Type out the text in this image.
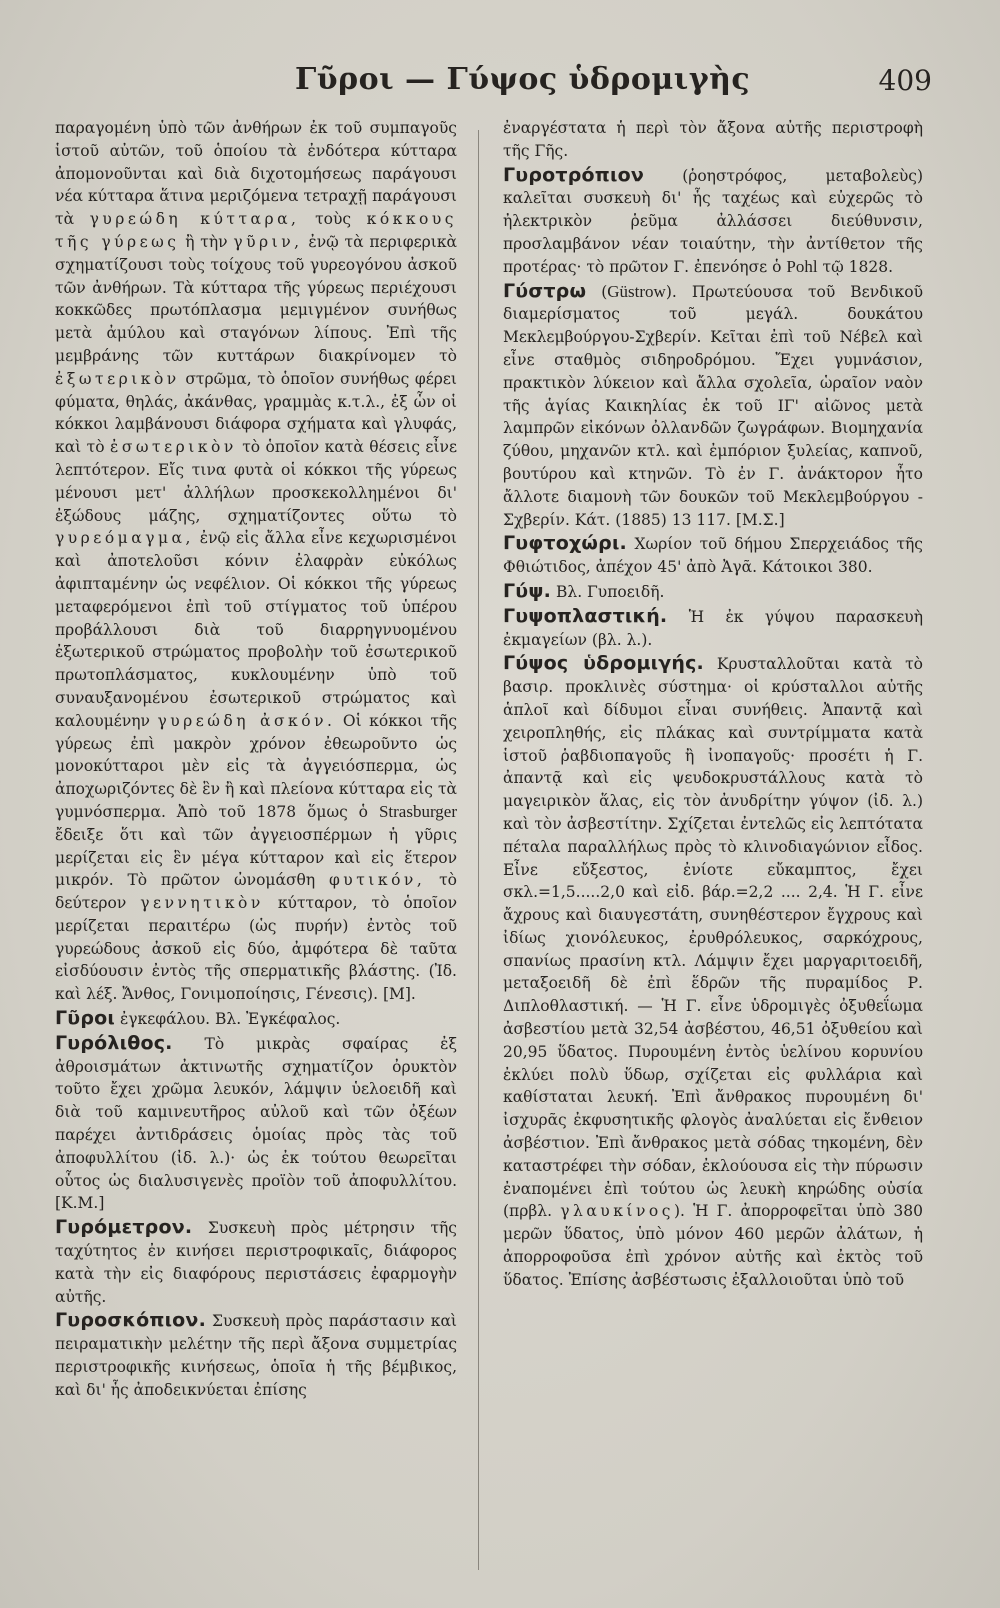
Γῦροι — Γύψος ὑδρομιγὴς	409

παραγομένη ὑπὸ τῶν ἀνθήρων ἐκ τοῦ συμπαγοῦς ἱστοῦ αὐτῶν, τοῦ ὁποίου τὰ ἐνδότερα κύτταρα ἀπομονοῦνται καὶ διὰ διχοτομήσεως παράγουσι νέα κύτταρα ἅτινα μεριζόμενα τετραχῇ παράγουσι τὰ γυρεώδη κύτταρα, τοὺς κόκκους τῆς γύρεως ἢ τὴν γῦριν, ἐνῷ τὰ περιφερικὰ σχηματίζουσι τοὺς τοίχους τοῦ γυρεογόνου ἀσκοῦ τῶν ἀνθήρων. Τὰ κύτταρα τῆς γύρεως περιέχουσι κοκκῶδες πρωτόπλασμα μεμιγμένον συνήθως μετὰ ἀμύλου καὶ σταγόνων λίπους. Ἐπὶ τῆς μεμβράνης τῶν κυττάρων διακρίνομεν τὸ ἐξωτερικὸν στρῶμα, τὸ ὁποῖον συνήθως φέρει φύματα, θηλάς, ἀκάνθας, γραμμὰς κ.τ.λ., ἐξ ὧν οἱ κόκκοι λαμβάνουσι διάφορα σχήματα καὶ γλυφάς, καὶ τὸ ἐσωτερικὸν τὸ ὁποῖον κατὰ θέσεις εἶνε λεπτότερον. Εἴς τινα φυτὰ οἱ κόκκοι τῆς γύρεως μένουσι μετ' ἀλλήλων προσκεκολλημένοι δι' ἐξώδους μάζης, σχηματίζοντες οὕτω τὸ γυρεόμαγμα, ἐνῷ εἰς ἄλλα εἶνε κεχωρισμένοι καὶ ἀποτελοῦσι κόνιν ἐλαφρὰν εὐκόλως ἀφιπταμένην ὡς νεφέλιον. Οἱ κόκκοι τῆς γύρεως μεταφερόμενοι ἐπὶ τοῦ στίγματος τοῦ ὑπέρου προβάλλουσι διὰ τοῦ διαρρηγνυομένου ἐξωτερικοῦ στρώματος προβολὴν τοῦ ἐσωτερικοῦ πρωτοπλάσματος, κυκλουμένην ὑπὸ τοῦ συναυξανομένου ἐσωτερικοῦ στρώματος καὶ καλουμένην γυρεώδη ἀσκόν. Οἱ κόκκοι τῆς γύρεως ἐπὶ μακρὸν χρόνον ἐθεωροῦντο ὡς μονοκύτταροι μὲν εἰς τὰ ἀγγειόσπερμα, ὡς ἀποχωριζόντες δὲ ἓν ἢ καὶ πλείονα κύτταρα εἰς τὰ γυμνόσπερμα. Ἀπὸ τοῦ 1878 ὅμως ὁ Strasburger ἔδειξε ὅτι καὶ τῶν ἀγγειοσπέρμων ἡ γῦρις μερίζεται εἰς ἓν μέγα κύτταρον καὶ εἰς ἕτερον μικρόν. Τὸ πρῶτον ὠνομάσθη φυτικόν, τὸ δεύτερον γεννητικὸν κύτταρον, τὸ ὁποῖον μερίζεται περαιτέρω (ὡς πυρήν) ἐντὸς τοῦ γυρεώδους ἀσκοῦ εἰς δύο, ἀμφότερα δὲ ταῦτα εἰσδύουσιν ἐντὸς τῆς σπερματικῆς βλάστης. (Ἰδ. καὶ λέξ. Ἄνθος, Γονιμοποίησις, Γένεσις). [Μ].

Γῦροι ἐγκεφάλου. Βλ. Ἐγκέφαλος.

Γυρόλιθος. Τὸ μικρὰς σφαίρας ἐξ ἀθροισμάτων ἀκτινωτῆς σχηματίζον ὀρυκτὸν τοῦτο ἔχει χρῶμα λευκόν, λάμψιν ὑελοειδῆ καὶ διὰ τοῦ καμινευτῆρος αὐλοῦ καὶ τῶν ὀξέων παρέχει ἀντιδράσεις ὁμοίας πρὸς τὰς τοῦ ἀποφυλλίτου (ἰδ. λ.)· ὡς ἐκ τούτου θεωρεῖται οὗτος ὡς διαλυσιγενὲς προϊὸν τοῦ ἀποφυλλίτου. [Κ.Μ.]

Γυρόμετρον. Συσκευὴ πρὸς μέτρησιν τῆς ταχύτητος ἐν κινήσει περιστροφικαῖς, διάφορος κατὰ τὴν εἰς διαφόρους περιστάσεις ἐφαρμογὴν αὐτῆς.

Γυροσκόπιον. Συσκευὴ πρὸς παράστασιν καὶ πειραματικὴν μελέτην τῆς περὶ ἄξονα συμμετρίας περιστροφικῆς κινήσεως, ὁποῖα ἡ τῆς βέμβικος, καὶ δι' ἧς ἀποδεικνύεται ἐπίσης

ἐναργέστατα ἡ περὶ τὸν ἄξονα αὐτῆς περιστροφὴ τῆς Γῆς.

Γυροτρόπιον (ῥοηστρόφος, μεταβολεὺς) καλεῖται συσκευὴ δι' ἧς ταχέως καὶ εὐχερῶς τὸ ἠλεκτρικὸν ῥεῦμα ἀλλάσσει διεύθυνσιν, προσλαμβάνον νέαν τοιαύτην, τὴν ἀντίθετον τῆς προτέρας· τὸ πρῶτον Γ. ἐπενόησε ὁ Pohl τῷ 1828.

Γύστρω (Güstrow). Πρωτεύουσα τοῦ Βενδικοῦ διαμερίσματος τοῦ μεγάλ. δουκάτου Μεκλεμβούργου-Σχβερίν. Κεῖται ἐπὶ τοῦ Νέβελ καὶ εἶνε σταθμὸς σιδηροδρόμου. Ἔχει γυμνάσιον, πρακτικὸν λύκειον καὶ ἄλλα σχολεῖα, ὡραῖον ναὸν τῆς ἁγίας Καικηλίας ἐκ τοῦ ΙΓ' αἰῶνος μετὰ λαμπρῶν εἰκόνων ὀλλανδῶν ζωγράφων. Βιομηχανία ζύθου, μηχανῶν κτλ. καὶ ἐμπόριον ξυλείας, καπνοῦ, βουτύρου καὶ κτηνῶν. Τὸ ἐν Γ. ἀνάκτορον ἦτο ἄλλοτε διαμονὴ τῶν δουκῶν τοῦ Μεκλεμβούργου - Σχβερίν. Κάτ. (1885) 13 117. [Μ.Σ.]

Γυφτοχώρι. Χωρίον τοῦ δήμου Σπερχειάδος τῆς Φθιώτιδος, ἀπέχον 45' ἀπὸ Ἀγᾶ. Κάτοικοι 380.

Γύψ. Βλ. Γυποειδῆ.

Γυψοπλαστική. Ἡ ἐκ γύψου παρασκευὴ ἐκμαγείων (βλ. λ.).

Γύψος ὑδρομιγής. Κρυσταλλοῦται κατὰ τὸ βασιρ. προκλινὲς σύστημα· οἱ κρύσταλλοι αὐτῆς ἁπλοῖ καὶ δίδυμοι εἶναι συνήθεις. Ἀπαντᾷ καὶ χειροπληθής, εἰς πλάκας καὶ συντρίμματα κατὰ ἱστοῦ ῥαβδιοπαγοῦς ἢ ἰνοπαγοῦς· προσέτι ἡ Γ. ἀπαντᾷ καὶ εἰς ψευδοκρυστάλλους κατὰ τὸ μαγειρικὸν ἅλας, εἰς τὸν ἀνυδρίτην γύψον (ἰδ. λ.) καὶ τὸν ἀσβεστίτην. Σχίζεται ἐντελῶς εἰς λεπτότατα πέταλα παραλλήλως πρὸς τὸ κλινοδιαγώνιον εἶδος. Εἶνε εὔξεστος, ἐνίοτε εὔκαμπτος, ἔχει σκλ.=1,5.....2,0 καὶ εἰδ. βάρ.=2,2 .... 2,4. Ἡ Γ. εἶνε ἄχρους καὶ διαυγεστάτη, συνηθέστερον ἔγχρους καὶ ἰδίως χιονόλευκος, ἐρυθρόλευκος, σαρκόχρους, σπανίως πρασίνη κτλ. Λάμψιν ἔχει μαργαριτοειδῆ, μεταξοειδῆ δὲ ἐπὶ ἕδρῶν τῆς πυραμίδος Ρ. Διπλοθλαστική. — Ἡ Γ. εἶνε ὑδρομιγὲς ὀξυθεΐωμα ἀσβεστίου μετὰ 32,54 ἀσβέστου, 46,51 ὀξυθείου καὶ 20,95 ὕδατος. Πυρουμένη ἐντὸς ὑελίνου κορυνίου ἐκλύει πολὺ ὕδωρ, σχίζεται εἰς φυλλάρια καὶ καθίσταται λευκή. Ἐπὶ ἄνθρακος πυρουμένη δι' ἰσχυρᾶς ἐκφυσητικῆς φλογὸς ἀναλύεται εἰς ἔνθειον ἀσβέστιον. Ἐπὶ ἄνθρακος μετὰ σόδας τηκομένη, δὲν καταστρέφει τὴν σόδαν, ἐκλούουσα εἰς τὴν πύρωσιν ἐναπομένει ἐπὶ τούτου ὡς λευκὴ κηρώδης οὐσία (πρβλ. γλαυκίνος). Ἡ Γ. ἀπορροφεῖται ὑπὸ 380 μερῶν ὕδατος, ὑπὸ μόνον 460 μερῶν ἀλάτων, ἡ ἀπορροφοῦσα ἐπὶ χρόνον αὐτῆς καὶ ἐκτὸς τοῦ ὕδατος. Ἐπίσης ἀσβέστωσις ἐξαλλοιοῦται ὑπὸ τοῦ
